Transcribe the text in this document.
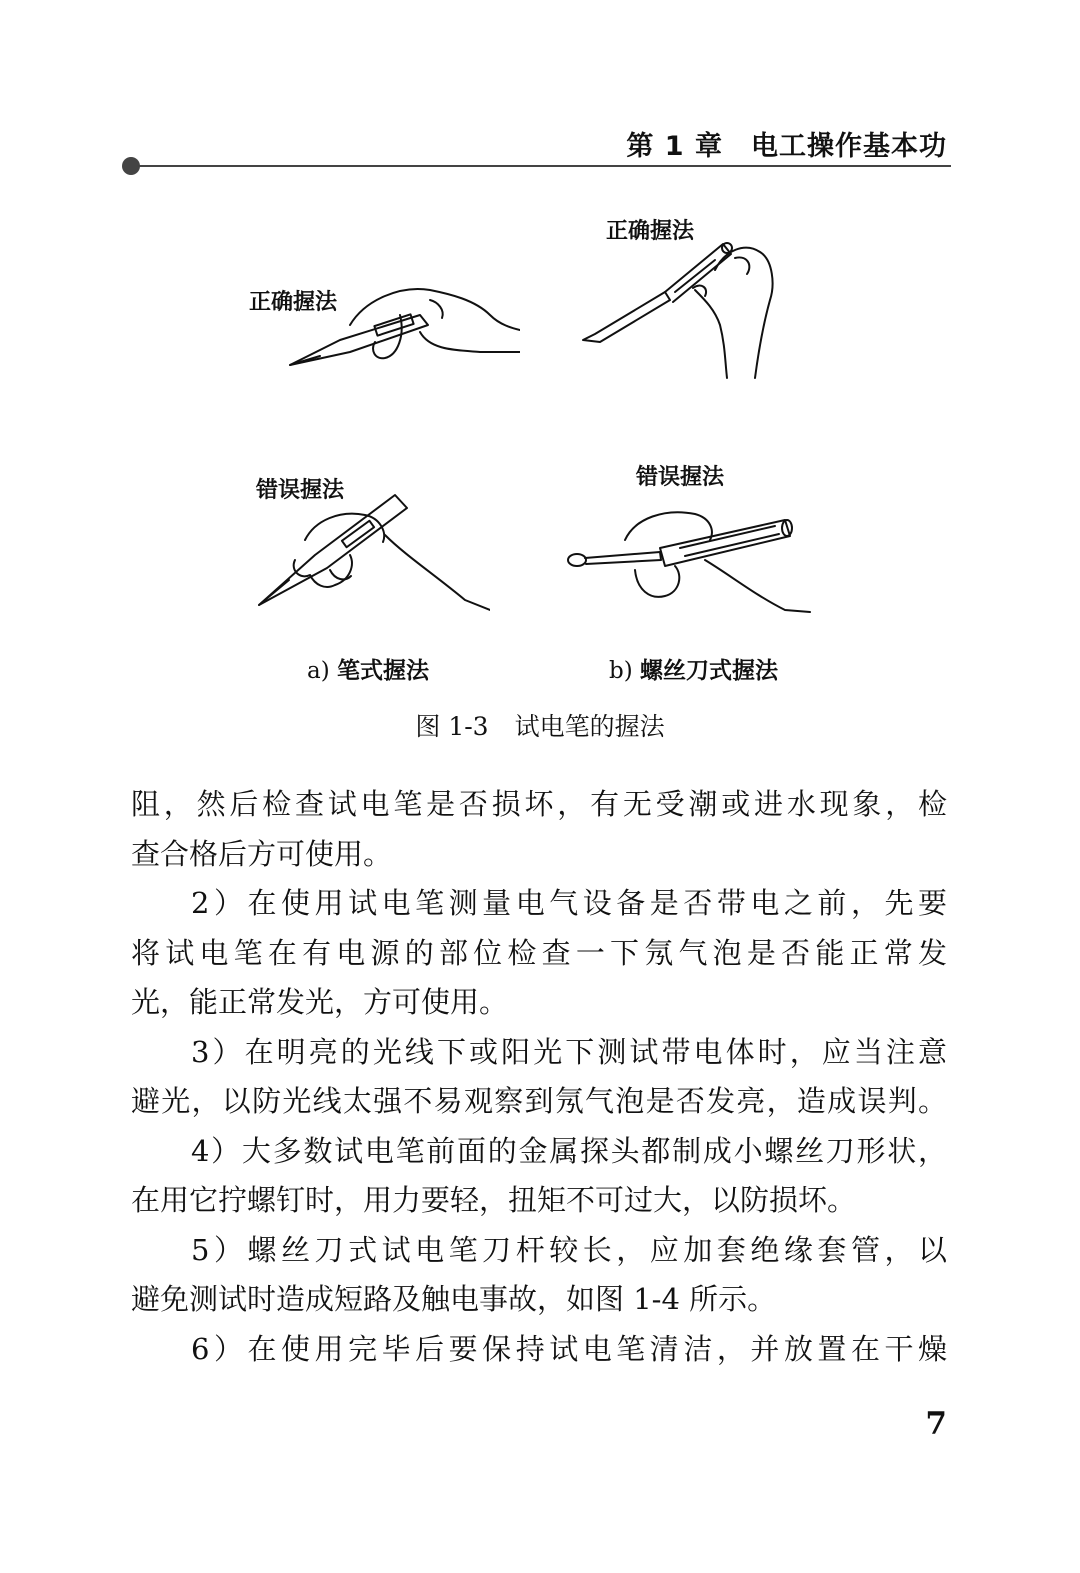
第 1 章　电工操作基本功
正确握法
正确握法
错误握法
错误握法
a) 笔式握法	b) 螺丝刀式握法
图 1-3 试电笔的握法

阻，然后检查试电笔是否损坏，有无受潮或进水现象，检
查合格后方可使用。

2）在使用试电笔测量电气设备是否带电之前，先要
将试电笔在有电源的部位检查一下氖气泡是否能正常发
光，能正常发光，方可使用。

3）在明亮的光线下或阳光下测试带电体时，应当注意
避光，以防光线太强不易观察到氖气泡是否发亮，造成误判。

4）大多数试电笔前面的金属探头都制成小螺丝刀形状，
在用它拧螺钉时，用力要轻，扭矩不可过大，以防损坏。

5）螺丝刀式试电笔刀杆较长，应加套绝缘套管，以
避免测试时造成短路及触电事故，如图 1-4 所示。

6）在使用完毕后要保持试电笔清洁，并放置在干燥

7
